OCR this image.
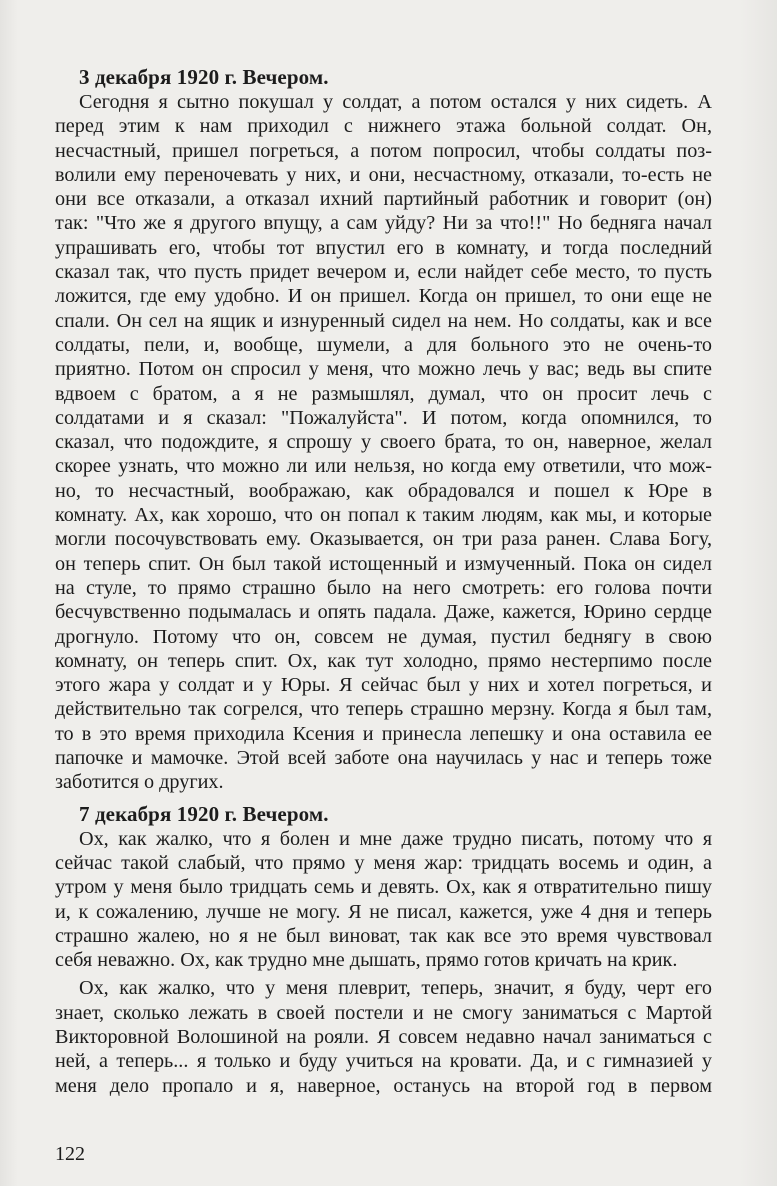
3 декабря 1920 г. Вечером.
Сегодня я сытно покушал у солдат, а потом остался у них сидеть. А
перед этим к нам приходил с нижнего этажа больной солдат. Он,
несчастный, пришел погреться, а потом попросил, чтобы солдаты поз-
волили ему переночевать у них, и они, несчастному, отказали, то-есть не
они все отказали, а отказал ихний партийный работник и говорит (он)
так: "Что же я другого впущу, а сам уйду? Ни за что!!" Но бедняга начал
упрашивать его, чтобы тот впустил его в комнату, и тогда последний
сказал так, что пусть придет вечером и, если найдет себе место, то пусть
ложится, где ему удобно. И он пришел. Когда он пришел, то они еще не
спали. Он сел на ящик и изнуренный сидел на нем. Но солдаты, как и все
солдаты, пели, и, вообще, шумели, а для больного это не очень-то
приятно. Потом он спросил у меня, что можно лечь у вас; ведь вы спите
вдвоем с братом, а я не размышлял, думал, что он просит лечь с
солдатами и я сказал: "Пожалуйста". И потом, когда опомнился, то
сказал, что подождите, я спрошу у своего брата, то он, наверное, желал
скорее узнать, что можно ли или нельзя, но когда ему ответили, что мож-
но, то несчастный, воображаю, как обрадовался и пошел к Юре в
комнату. Ах, как хорошо, что он попал к таким людям, как мы, и которые
могли посочувствовать ему. Оказывается, он три раза ранен. Слава Богу,
он теперь спит. Он был такой истощенный и измученный. Пока он сидел
на стуле, то прямо страшно было на него смотреть: его голова почти
бесчувственно подымалась и опять падала. Даже, кажется, Юрино сердце
дрогнуло. Потому что он, совсем не думая, пустил беднягу в свою
комнату, он теперь спит. Ох, как тут холодно, прямо нестерпимо после
этого жара у солдат и у Юры. Я сейчас был у них и хотел погреться, и
действительно так согрелся, что теперь страшно мерзну. Когда я был там,
то в это время приходила Ксения и принесла лепешку и она оставила ее
папочке и мамочке. Этой всей заботе она научилась у нас и теперь тоже
заботится о других.
7 декабря 1920 г. Вечером.
Ох, как жалко, что я болен и мне даже трудно писать, потому что я
сейчас такой слабый, что прямо у меня жар: тридцать восемь и один, а
утром у меня было тридцать семь и девять. Ох, как я отвратительно пишу
и, к сожалению, лучше не могу. Я не писал, кажется, уже 4 дня и теперь
страшно жалею, но я не был виноват, так как все это время чувствовал
себя неважно. Ох, как трудно мне дышать, прямо готов кричать на крик.
Ох, как жалко, что у меня плеврит, теперь, значит, я буду, черт его
знает, сколько лежать в своей постели и не смогу заниматься с Мартой
Викторовной Волошиной на рояли. Я совсем недавно начал заниматься с
ней, а теперь... я только и буду учиться на кровати. Да, и с гимназией у
меня дело пропало и я, наверное, останусь на второй год в первом
122
